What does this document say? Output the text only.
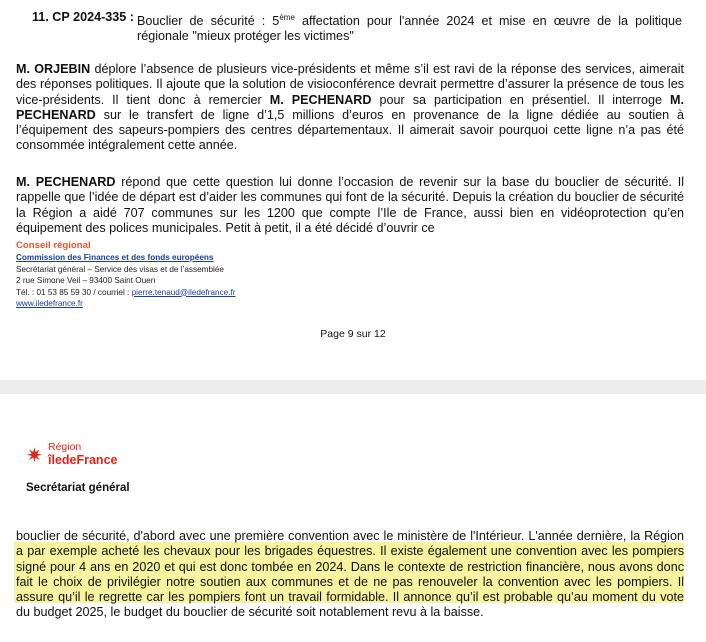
11. CP 2024-335 : Bouclier de sécurité : 5ème affectation pour l'année 2024 et mise en œuvre de la politique régionale "mieux protéger les victimes"

M. ORJEBIN déplore l’absence de plusieurs vice-présidents et même s’il est ravi de la réponse des services, aimerait des réponses politiques. Il ajoute que la solution de visioconférence devrait permettre d’assurer la présence de tous les vice-présidents. Il tient donc à remercier M. PECHENARD pour sa participation en présentiel. Il interroge M. PECHENARD sur le transfert de ligne d’1,5 millions d’euros en provenance de la ligne dédiée au soutien à l’équipement des sapeurs-pompiers des centres départementaux. Il aimerait savoir pourquoi cette ligne n’a pas été consommée intégralement cette année.

M. PECHENARD répond que cette question lui donne l’occasion de revenir sur la base du bouclier de sécurité. Il rappelle que l’idée de départ est d’aider les communes qui font de la sécurité. Depuis la création du bouclier de sécurité la Région a aidé 707 communes sur les 1200 que compte l’Ile de France, aussi bien en vidéoprotection qu’en équipement des polices municipales. Petit à petit, il a été décidé d’ouvrir ce

Conseil régional
Commission des Finances et des fonds européens
Secrétariat général – Service des visas et de l’assemblée
2 rue Simone Veil – 93400 Saint Ouen
Tél. : 01 53 85 59 30 / courriel : pierre.tenaud@iledefrance.fr
www.iledefrance.fr
Page 9 sur 12
✷ Région
îledeFrance
Secrétariat général

bouclier de sécurité, d'abord avec une première convention avec le ministère de l'Intérieur. L'année dernière, la Région a par exemple acheté les chevaux pour les brigades équestres. Il existe également une convention avec les pompiers signé pour 4 ans en 2020 et qui est donc tombée en 2024. Dans le contexte de restriction financière, nous avons donc fait le choix de privilégier notre soutien aux communes et de ne pas renouveler la convention avec les pompiers. Il assure qu’il le regrette car les pompiers font un travail formidable. Il annonce qu’il est probable qu’au moment du vote du budget 2025, le budget du bouclier de sécurité soit notablement revu à la baisse.
